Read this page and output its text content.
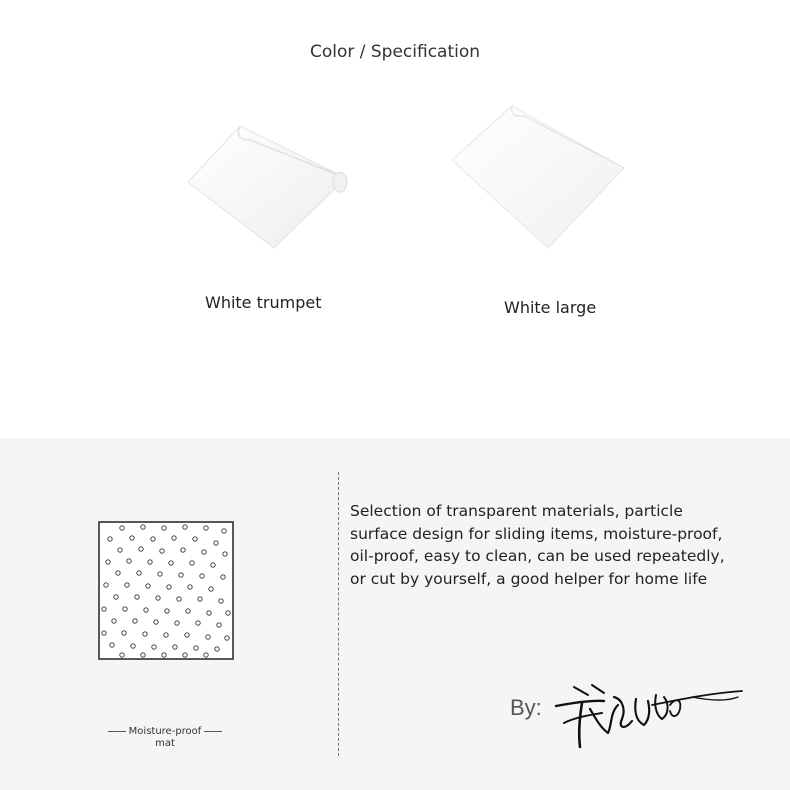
Color / Specification
White trumpet	White large
Moisture-proof
mat
Selection of transparent materials, particle
surface design for sliding items, moisture-proof,
oil-proof, easy to clean, can be used repeatedly,
or cut by yourself, a good helper for home life
By:
